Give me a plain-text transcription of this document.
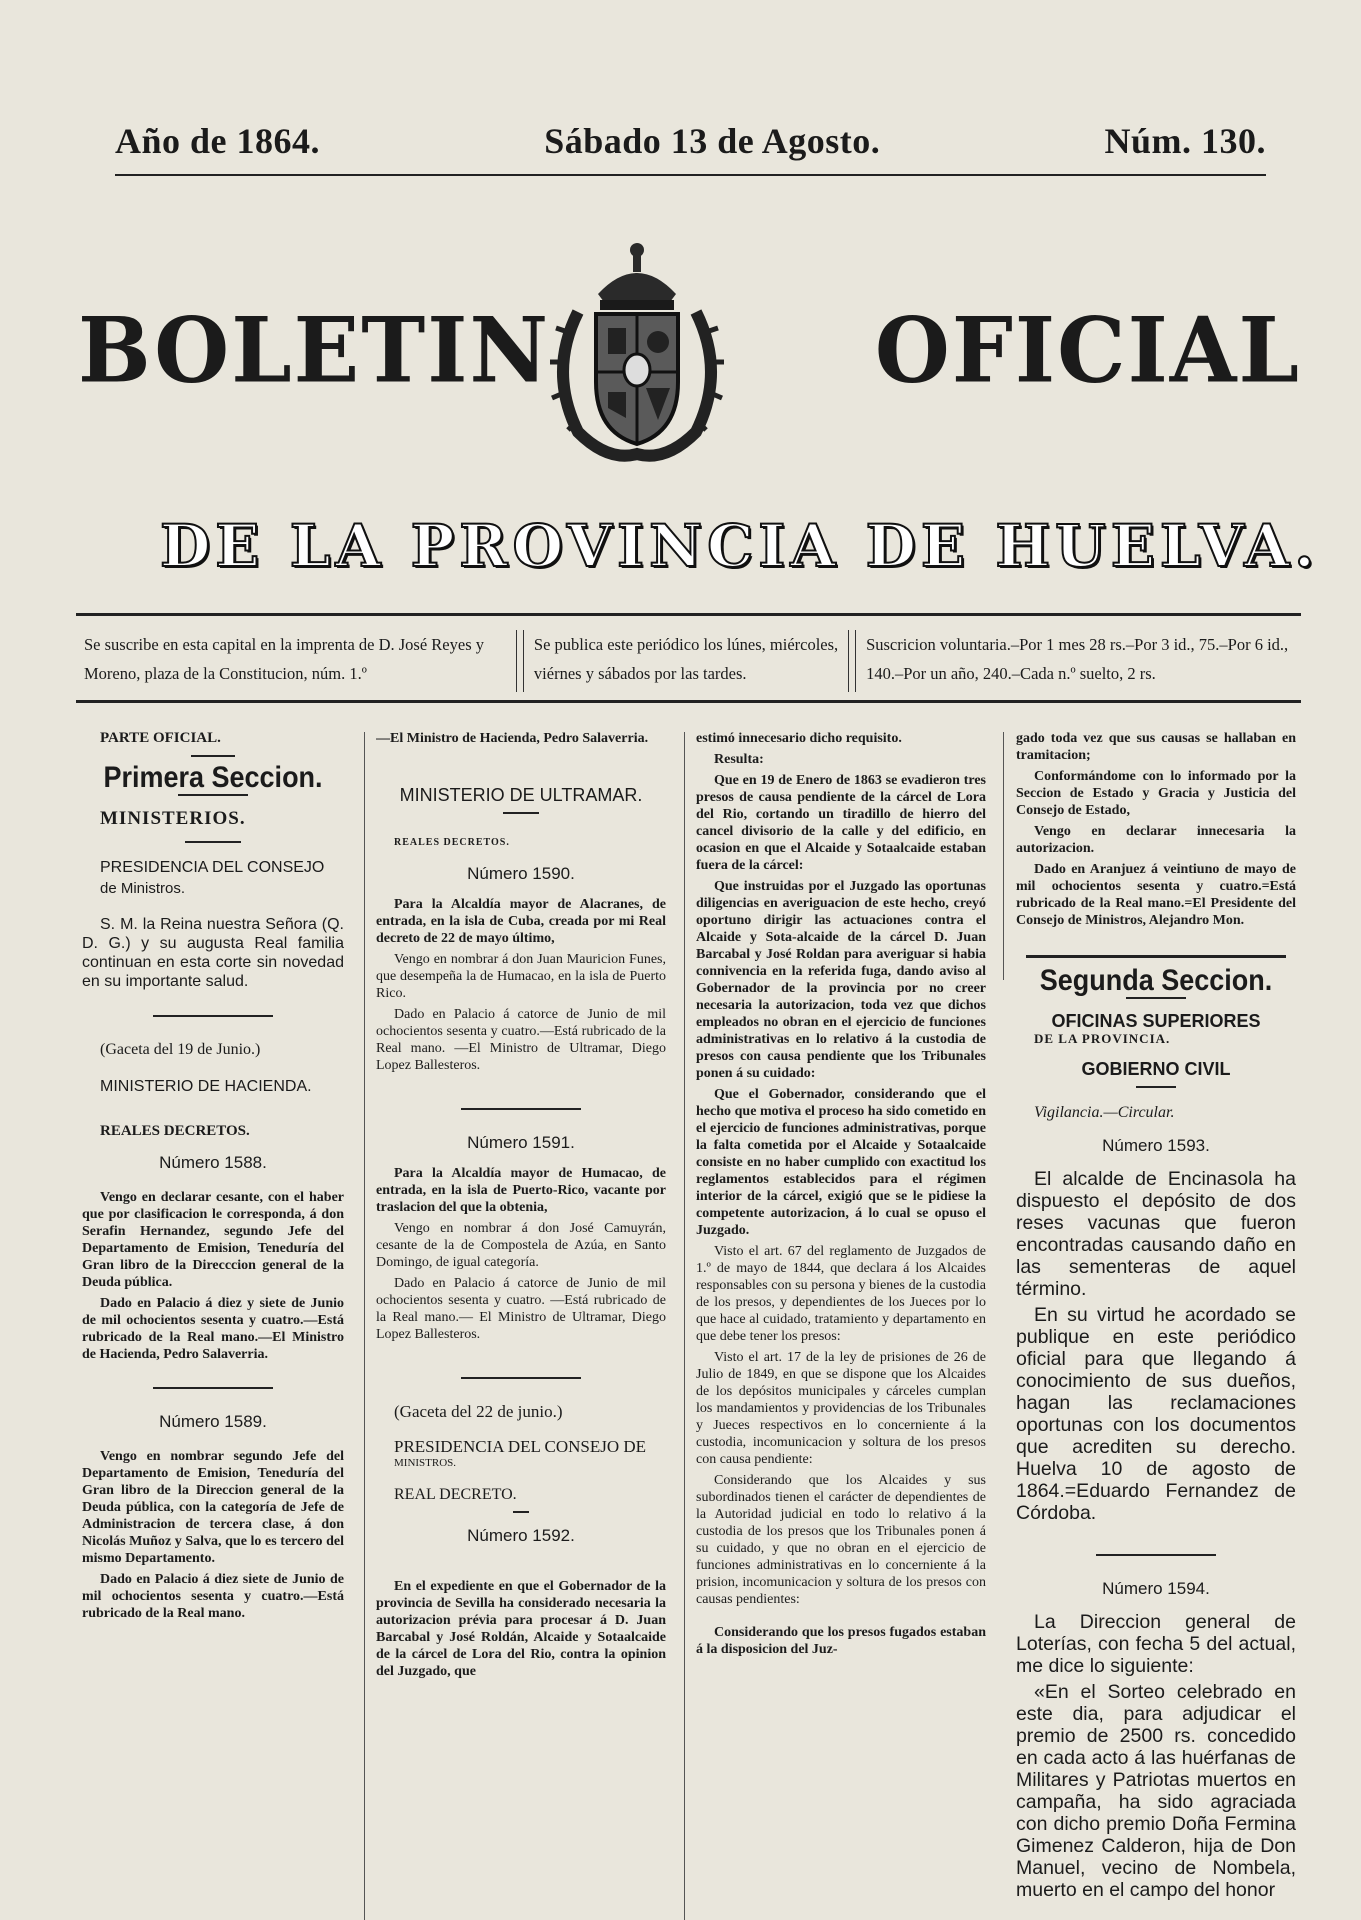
Año de 1864.	Sábado 13 de Agosto.	Núm. 130.
BOLETIN	OFICIAL
DE LA PROVINCIA DE HUELVA.
Se suscribe en esta capital en la imprenta de D. José Reyes y Moreno, plaza de la Constitucion, núm. 1.º
Se publica este periódico los lúnes, miércoles, viérnes y sábados por las tardes.
Suscricion voluntaria.–Por 1 mes 28 rs.–Por 3 id., 75.–Por 6 id., 140.–Por un año, 240.–Cada n.º suelto, 2 rs.

PARTE OFICIAL.

Primera Seccion.

MINISTERIOS.

PRESIDENCIA DEL CONSEJO

de Ministros.

S. M. la Reina nuestra Señora (Q. D. G.) y su augusta Real familia continuan en esta corte sin novedad en su importante salud.

(Gaceta del 19 de Junio.)

MINISTERIO DE HACIENDA.

REALES DECRETOS.

Número 1588.

Vengo en declarar cesante, con el haber que por clasificacion le corresponda, á don Serafin Hernandez, segundo Jefe del Departamento de Emision, Teneduría del Gran libro de la Direcccion general de la Deuda pública.

Dado en Palacio á diez y siete de Junio de mil ochocientos sesenta y cuatro.—Está rubricado de la Real mano.—El Ministro de Hacienda, Pedro Salaverria.

Número 1589.

Vengo en nombrar segundo Jefe del Departamento de Emision, Teneduría del Gran libro de la Direccion general de la Deuda pública, con la categoría de Jefe de Administracion de tercera clase, á don Nicolás Muñoz y Salva, que lo es tercero del mismo Departamento.

Dado en Palacio á diez siete de Junio de mil ochocientos sesenta y cuatro.—Está rubricado de la Real mano.

—El Ministro de Hacienda, Pedro Salaverria.

MINISTERIO DE ULTRAMAR.

REALES DECRETOS.

Número 1590.

Para la Alcaldía mayor de Alacranes, de entrada, en la isla de Cuba, creada por mi Real decreto de 22 de mayo último,

Vengo en nombrar á don Juan Mauricion Funes, que desempeña la de Humacao, en la isla de Puerto Rico.

Dado en Palacio á catorce de Junio de mil ochocientos sesenta y cuatro.—Está rubricado de la Real mano. —El Ministro de Ultramar, Diego Lopez Ballesteros.

Número 1591.

Para la Alcaldía mayor de Humacao, de entrada, en la isla de Puerto-Rico, vacante por traslacion del que la obtenia,

Vengo en nombrar á don José Camuyrán, cesante de la de Compostela de Azúa, en Santo Domingo, de igual categoría.

Dado en Palacio á catorce de Junio de mil ochocientos sesenta y cuatro. —Está rubricado de la Real mano.— El Ministro de Ultramar, Diego Lopez Ballesteros.

(Gaceta del 22 de junio.)

PRESIDENCIA DEL CONSEJO DE

MINISTROS.

REAL DECRETO.

Número 1592.

En el expediente en que el Gobernador de la provincia de Sevilla ha considerado necesaria la autorizacion prévia para procesar á D. Juan Barcabal y José Roldán, Alcaide y Sotaalcaide de la cárcel de Lora del Rio, contra la opinion del Juzgado, que

estimó innecesario dicho requisito.

Resulta:

Que en 19 de Enero de 1863 se evadieron tres presos de causa pendiente de la cárcel de Lora del Rio, cortando un tiradillo de hierro del cancel divisorio de la calle y del edificio, en ocasion en que el Alcaide y Sotaalcaide estaban fuera de la cárcel:

Que instruidas por el Juzgado las oportunas diligencias en averiguacion de este hecho, creyó oportuno dirigir las actuaciones contra el Alcaide y Sota-alcaide de la cárcel D. Juan Barcabal y José Roldan para averiguar si habia connivencia en la referida fuga, dando aviso al Gobernador de la provincia por no creer necesaria la autorizacion, toda vez que dichos empleados no obran en el ejercicio de funciones administrativas en lo relativo á la custodia de presos con causa pendiente que los Tribunales ponen á su cuidado:

Que el Gobernador, considerando que el hecho que motiva el proceso ha sido cometido en el ejercicio de funciones administrativas, porque la falta cometida por el Alcaide y Sotaalcaide consiste en no haber cumplido con exactitud los reglamentos establecidos para el régimen interior de la cárcel, exigió que se le pidiese la competente autorizacion, á lo cual se opuso el Juzgado.

Visto el art. 67 del reglamento de Juzgados de 1.º de mayo de 1844, que declara á los Alcaides responsables con su persona y bienes de la custodia de los presos, y dependientes de los Jueces por lo que hace al cuidado, tratamiento y departamento en que debe tener los presos:

Visto el art. 17 de la ley de prisiones de 26 de Julio de 1849, en que se dispone que los Alcaides de los depósitos municipales y cárceles cumplan los mandamientos y providencias de los Tribunales y Jueces respectivos en lo concerniente á la custodia, incomunicacion y soltura de los presos con causa pendiente:

Considerando que los Alcaides y sus subordinados tienen el carácter de dependientes de la Autoridad judicial en todo lo relativo á la custodia de los presos que los Tribunales ponen á su cuidado, y que no obran en el ejercicio de funciones administrativas en lo concerniente á la prision, incomunicacion y soltura de los presos con causas pendientes:

Considerando que los presos fugados estaban á la disposicion del Juz-

gado toda vez que sus causas se hallaban en tramitacion;

Conformándome con lo informado por la Seccion de Estado y Gracia y Justicia del Consejo de Estado,

Vengo en declarar innecesaria la autorizacion.

Dado en Aranjuez á veintiuno de mayo de mil ochocientos sesenta y cuatro.=Está rubricado de la Real mano.=El Presidente del Consejo de Ministros, Alejandro Mon.

Segunda Seccion.
OFICINAS SUPERIORES

DE LA PROVINCIA.

GOBIERNO CIVIL

Vigilancia.—Circular.

Número 1593.

El alcalde de Encinasola ha dispuesto el depósito de dos reses vacunas que fueron encontradas causando daño en las sementeras de aquel término.

En su virtud he acordado se publique en este periódico oficial para que llegando á conocimiento de sus dueños, hagan las reclamaciones oportunas con los documentos que acrediten su derecho. Huelva 10 de agosto de 1864.=Eduardo Fernandez de Córdoba.

Número 1594.

La Direccion general de Loterías, con fecha 5 del actual, me dice lo siguiente:

«En el Sorteo celebrado en este dia, para adjudicar el premio de 2500 rs. concedido en cada acto á las huérfanas de Militares y Patriotas muertos en campaña, ha sido agraciada con dicho premio Doña Fermina Gimenez Calderon, hija de Don Manuel, vecino de Nombela, muerto en el campo del honor
